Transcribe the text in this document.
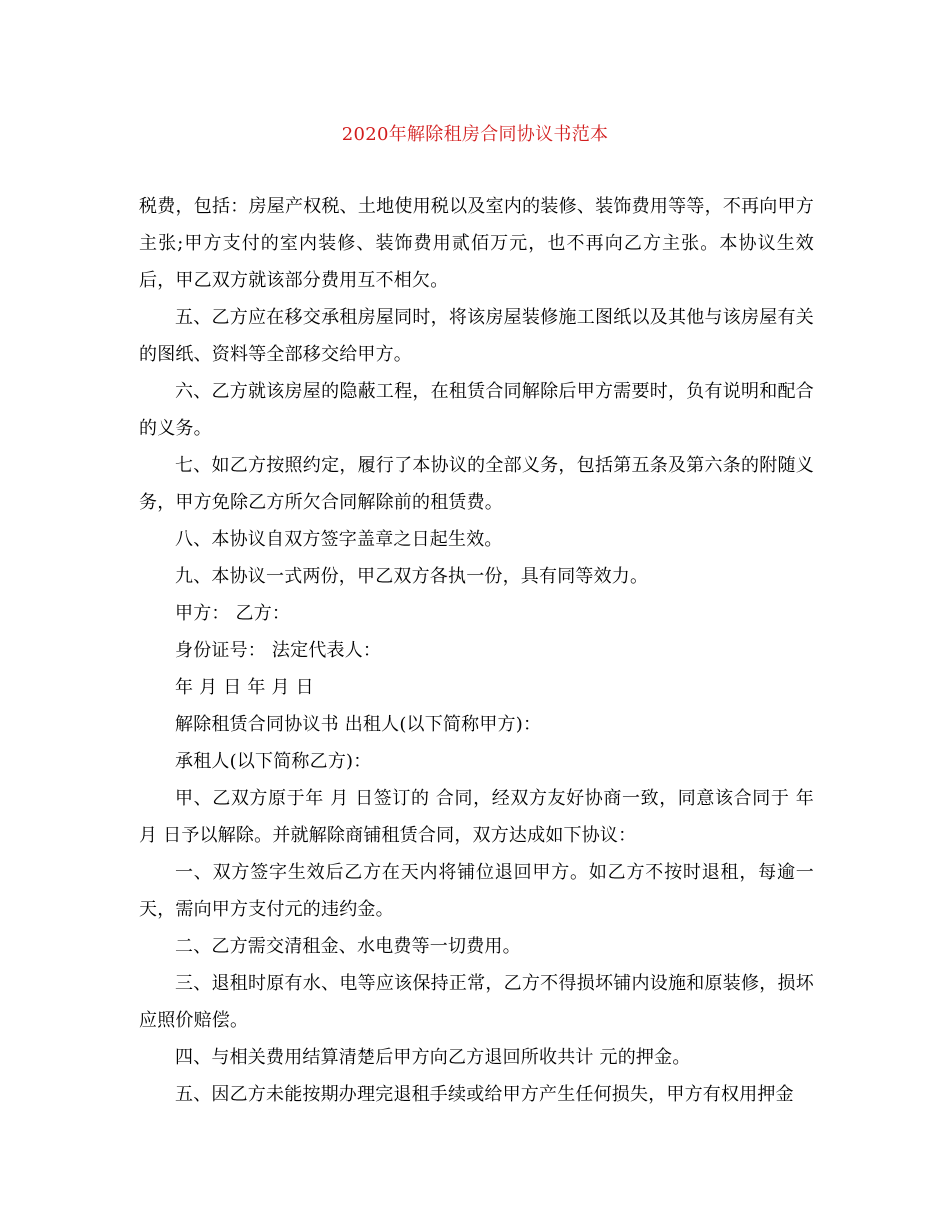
2020年解除租房合同协议书范本

税费，包括：房屋产权税、土地使用税以及室内的装修、装饰费用等等，不再向甲方主张;甲方支付的室内装修、装饰费用贰佰万元，也不再向乙方主张。本协议生效后，甲乙双方就该部分费用互不相欠。

五、乙方应在移交承租房屋同时，将该房屋装修施工图纸以及其他与该房屋有关的图纸、资料等全部移交给甲方。

六、乙方就该房屋的隐蔽工程，在租赁合同解除后甲方需要时，负有说明和配合的义务。

七、如乙方按照约定，履行了本协议的全部义务，包括第五条及第六条的附随义务，甲方免除乙方所欠合同解除前的租赁费。

八、本协议自双方签字盖章之日起生效。

九、本协议一式两份，甲乙双方各执一份，具有同等效力。

甲方： 乙方：

身份证号： 法定代表人：

年 月 日 年 月 日

解除租赁合同协议书 出租人(以下简称甲方)：

承租人(以下简称乙方)：

甲、乙双方原于年 月 日签订的 合同，经双方友好协商一致，同意该合同于 年 月 日予以解除。并就解除商铺租赁合同，双方达成如下协议：

一、双方签字生效后乙方在天内将铺位退回甲方。如乙方不按时退租，每逾一天，需向甲方支付元的违约金。

二、乙方需交清租金、水电费等一切费用。

三、退租时原有水、电等应该保持正常，乙方不得损坏铺内设施和原装修，损坏应照价赔偿。

四、与相关费用结算清楚后甲方向乙方退回所收共计 元的押金。

五、因乙方未能按期办理完退租手续或给甲方产生任何损失，甲方有权用押金
